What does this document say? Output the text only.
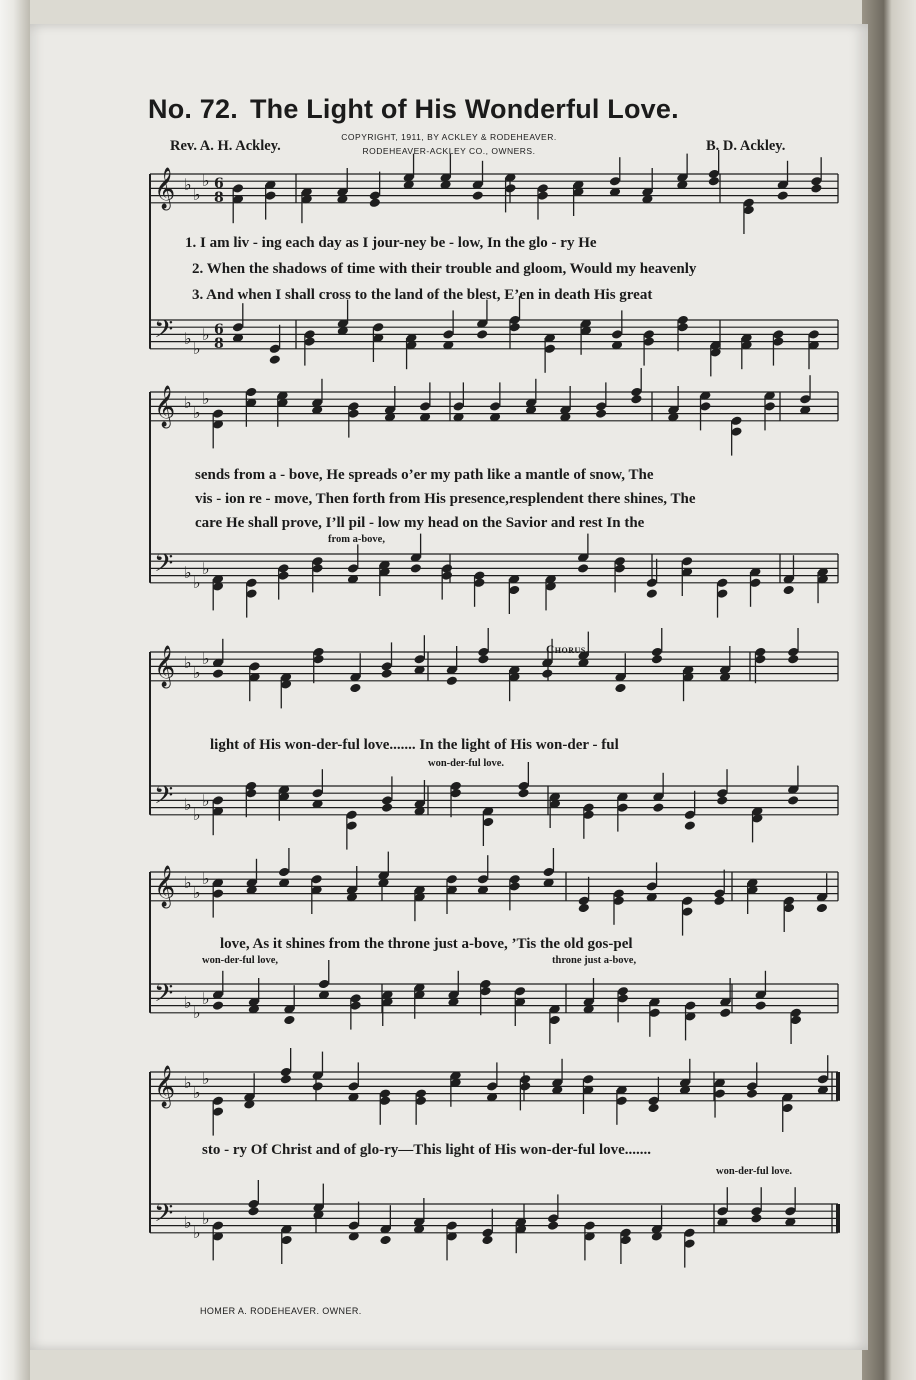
No. 72. The Light of His Wonderful Love.
Rev. A. H. Ackley.
COPYRIGHT, 1911, BY ACKLEY & RODEHEAVER.
RODEHEAVER-ACKLEY CO., OWNERS.	B. D. Ackley.
𝄞 ♭
♭
♭ 6
8
𝄢 ♭
♭
♭ 6
8
𝄞 ♭
♭
♭
𝄢 ♭
♭
♭
𝄞 ♭
♭
♭
𝄢 ♭
♭
♭
𝄞 ♭
♭
♭
𝄢 ♭
♭
♭
𝄞 ♭
♭
♭
𝄢 ♭
♭
♭
1. I am liv - ing each day as I jour-ney be - low, In the glo - ry He
2. When the shadows of time with their trouble and gloom, Would my heavenly
3. And when I shall cross to the land of the blest, E’en in death His great
sends from a - bove, He spreads o’er my path like a mantle of snow, The
vis - ion re - move, Then forth from His presence,resplendent there shines, The
care He shall prove, I’ll pil - low my head on the Savior and rest In the
from a-bove,
Chorus.
light of His won-der-ful love....... In the light of His won-der - ful
won-der-ful love.
love, As it shines from the throne just a-bove, ’Tis the old gos-pel
won-der-ful love,	throne just a-bove,
sto - ry Of Christ and of glo-ry—This light of His won-der-ful love.......
won-der-ful love.
HOMER A. RODEHEAVER. OWNER.
